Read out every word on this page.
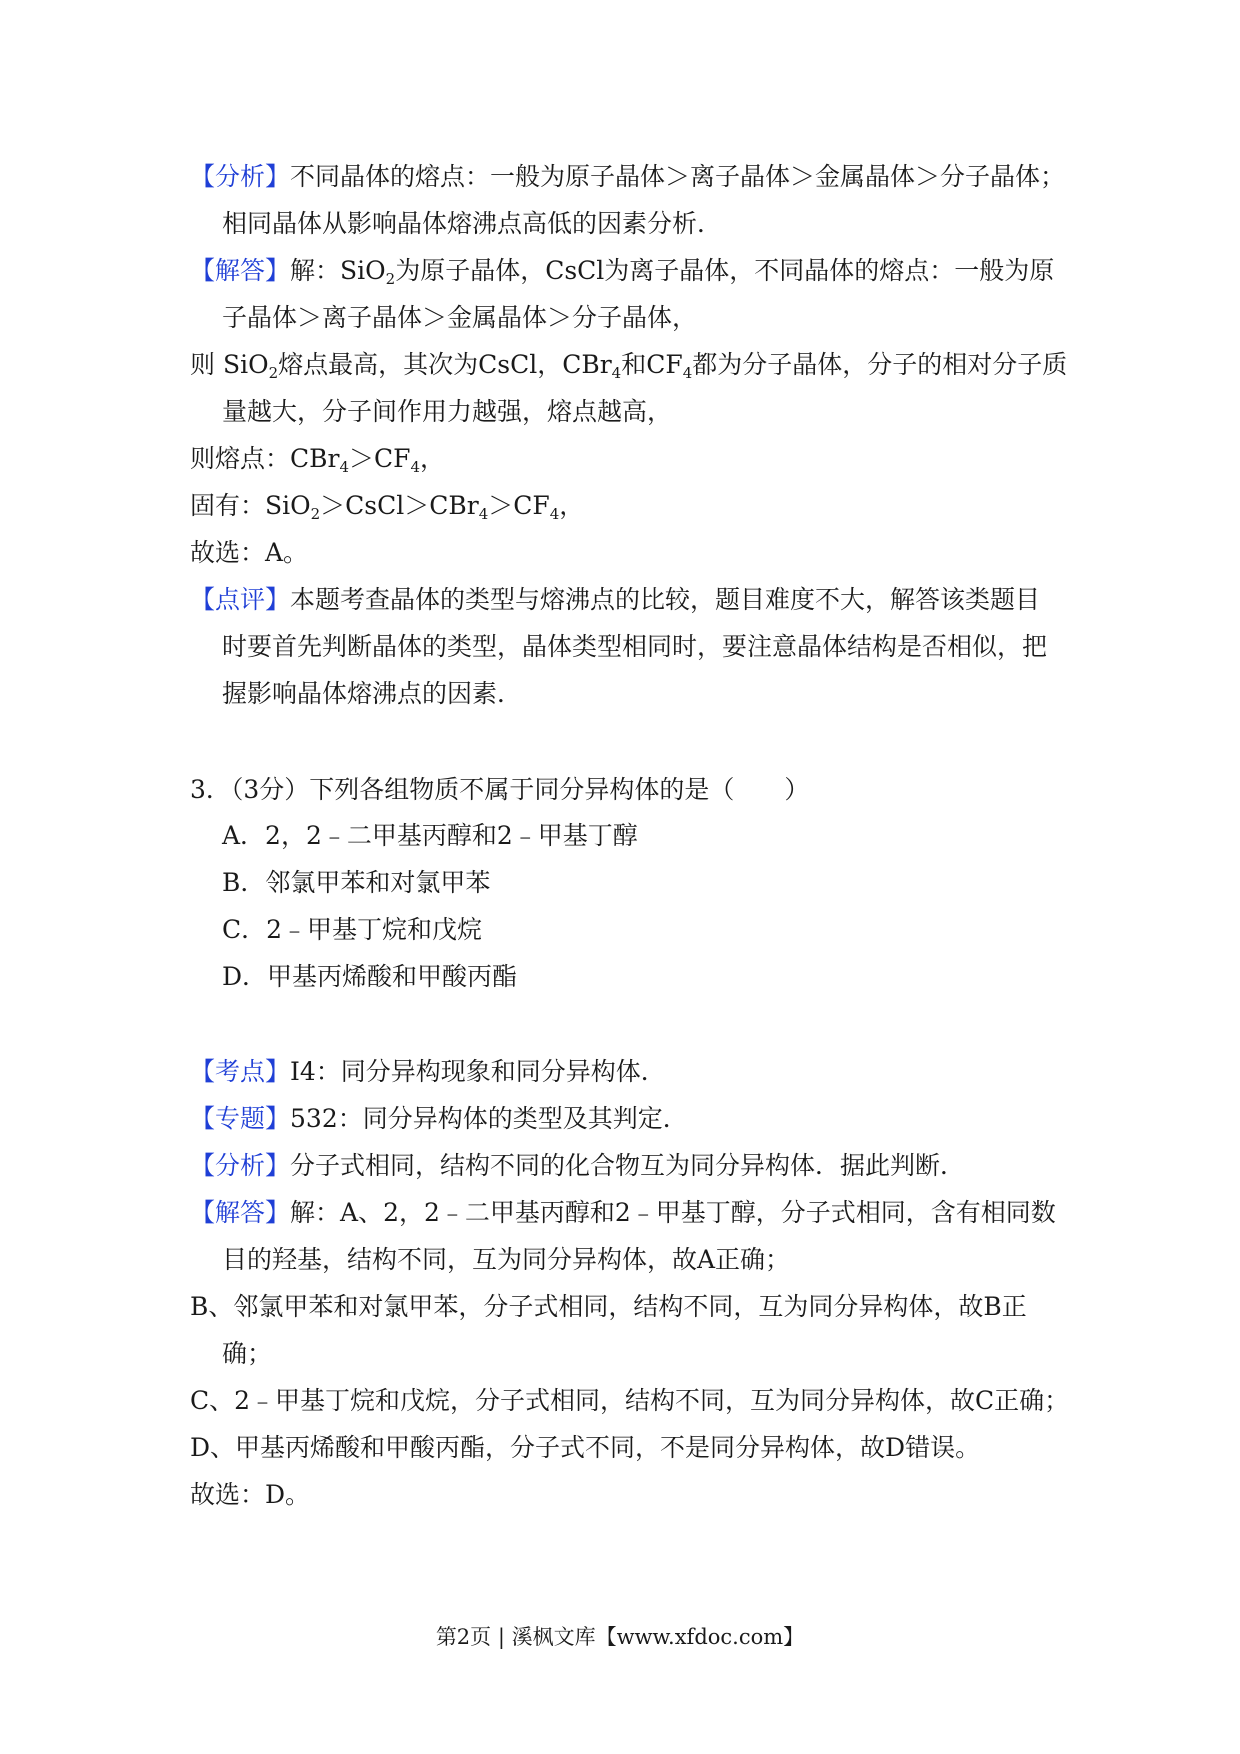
【分析】不同晶体的熔点：一般为原子晶体＞离子晶体＞金属晶体＞分子晶体；
相同晶体从影响晶体熔沸点高低的因素分析．
【解答】解：SiO$_2$为原子晶体，CsCl为离子晶体，不同晶体的熔点：一般为原
子晶体＞离子晶体＞金属晶体＞分子晶体，
则 SiO$_2$熔点最高，其次为CsCl，CBr$_4$和$CF_4$都为分子晶体，分子的相对分子质
量越大，分子间作用力越强，熔点越高，
则熔点：$CBr_4>CF_4$，
固有：$SiO_2>CsCl>CBr_4>CF_4$，
故选：A。
【点评】本题考查晶体的类型与熔沸点的比较，题目难度不大，解答该类题目
时要首先判断晶体的类型，晶体类型相同时，要注意晶体结构是否相似，把
握影响晶体熔沸点的因素．
3．（3分）下列各组物质不属于同分异构体的是（　　）
A．2，2﹣二甲基丙醇和2﹣甲基丁醇
B．邻氯甲苯和对氯甲苯
C．2﹣甲基丁烷和戊烷
D．甲基丙烯酸和甲酸丙酯
【考点】I4：同分异构现象和同分异构体．
【专题】532：同分异构体的类型及其判定．
【分析】分子式相同，结构不同的化合物互为同分异构体．据此判断．
【解答】解：A、2，2﹣二甲基丙醇和2﹣甲基丁醇，分子式相同，含有相同数
目的羟基，结构不同，互为同分异构体，故A正确；
B、邻氯甲苯和对氯甲苯，分子式相同，结构不同，互为同分异构体，故B正
确；
C、2﹣甲基丁烷和戊烷，分子式相同，结构不同，互为同分异构体，故C正确；
D、甲基丙烯酸和甲酸丙酯，分子式不同，不是同分异构体，故D错误。
故选：D。
第2页 | 溪枫文库【www.xfdoc.com】
